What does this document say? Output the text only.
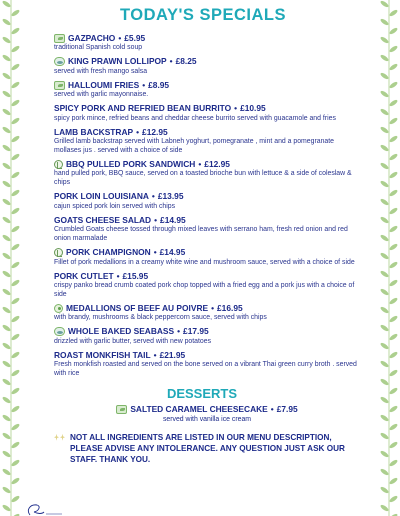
TODAY'S SPECIALS
GAZPACHO • £5.95
traditional Spanish cold soup
KING PRAWN LOLLIPOP • £8.25
served with fresh mango salsa
HALLOUMI FRIES • £8.95
served with garlic mayonnaise.
SPICY PORK AND REFRIED BEAN BURRITO • £10.95
spicy pork mince, refried beans and cheddar cheese burrito served with guacamole and fries
LAMB BACKSTRAP • £12.95
Grilled lamb backstrap served with Labneh yoghurt, pomegranate , mint and a pomegranate mollases jus . served with a choice of side
BBQ PULLED PORK SANDWICH • £12.95
hand pulled pork, BBQ sauce, served on a toasted brioche bun with lettuce & a side of coleslaw & chips
PORK LOIN LOUISIANA • £13.95
cajun spiced pork loin served with chips
GOATS CHEESE SALAD • £14.95
Crumbled Goats cheese tossed through mixed leaves with serrano ham, fresh red onion and red onion marmalade
PORK CHAMPIGNON • £14.95
Fillet of pork medallions in a creamy white wine and mushroom sauce, served with a choice of side
PORK CUTLET • £15.95
crispy panko bread crumb coated pork chop topped with a fried egg and a pork jus with a choice of side
MEDALLIONS OF BEEF AU POIVRE • £16.95
with brandy, mushrooms & black peppercorn sauce, served with chips
WHOLE BAKED SEABASS • £17.95
drizzled with garlic butter, served with new potatoes
ROAST MONKFISH TAIL • £21.95
Fresh monkfish roasted and served on the bone served on a vibrant Thai green curry broth . served with rice
DESSERTS
SALTED CARAMEL CHEESECAKE • £7.95
served with vanilla ice cream
NOT ALL INGREDIENTS ARE LISTED IN OUR MENU DESCRIPTION, PLEASE ADVISE ANY INTOLERANCE. ANY QUESTION JUST ASK OUR STAFF. THANK YOU.
